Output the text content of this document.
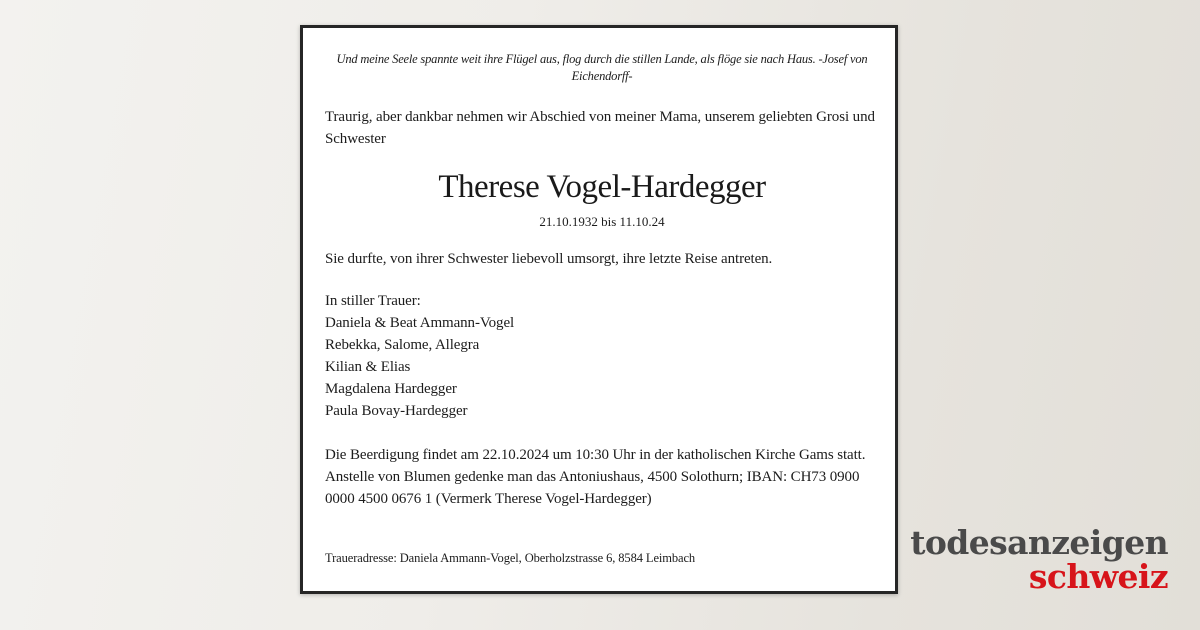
Und meine Seele spannte weit ihre Flügel aus, flog durch die stillen Lande, als flöge sie nach Haus. -Josef von Eichendorff-
Traurig, aber dankbar nehmen wir Abschied von meiner Mama, unserem geliebten Grosi und Schwester
Therese Vogel-Hardegger
21.10.1932 bis 11.10.24
Sie durfte, von ihrer Schwester liebevoll umsorgt, ihre letzte Reise antreten.
In stiller Trauer:
Daniela & Beat Ammann-Vogel
Rebekka, Salome, Allegra
Kilian & Elias
Magdalena Hardegger
Paula Bovay-Hardegger
Die Beerdigung findet am 22.10.2024 um 10:30 Uhr in der katholischen Kirche Gams statt.
Anstelle von Blumen gedenke man das Antoniushaus, 4500 Solothurn; IBAN: CH73 0900 0000 4500 0676 1 (Vermerk Therese Vogel-Hardegger)
Traueradresse: Daniela Ammann-Vogel, Oberholzstrasse 6, 8584 Leimbach	todesanzeigen
schweiz
